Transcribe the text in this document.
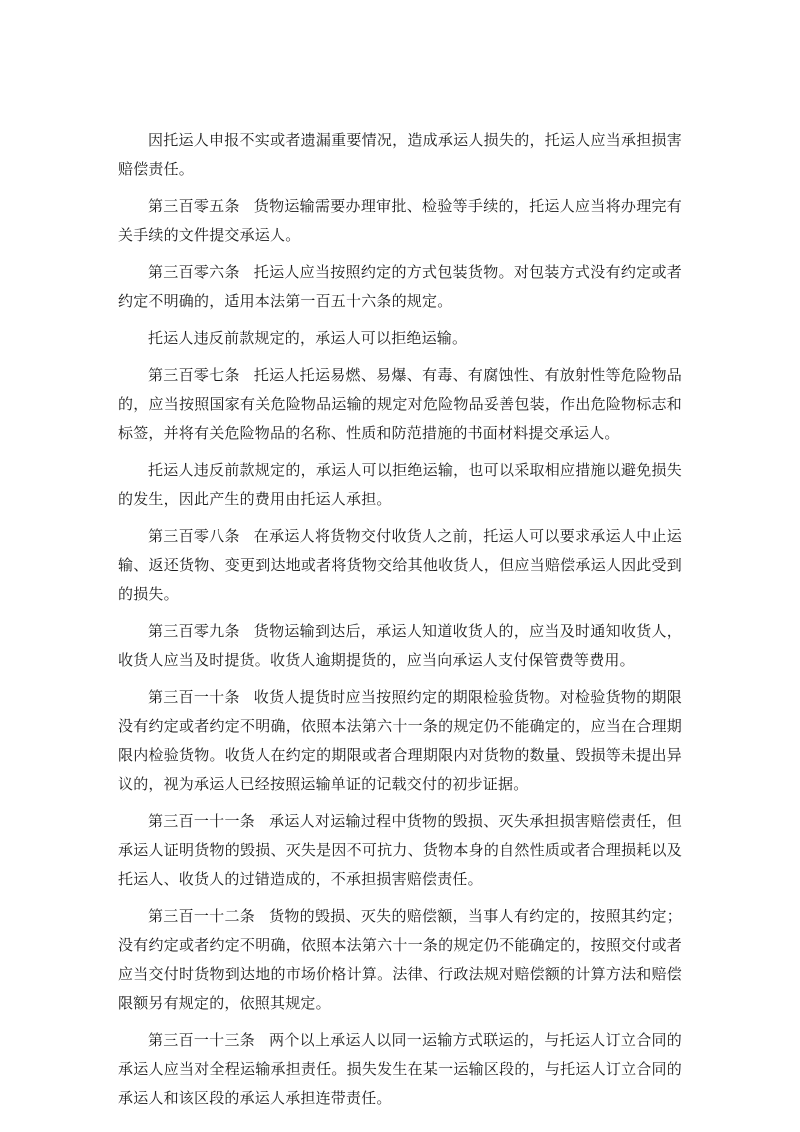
因托运人申报不实或者遗漏重要情况，造成承运人损失的，托运人应当承担损害赔偿责任。

第三百零五条 货物运输需要办理审批、检验等手续的，托运人应当将办理完有关手续的文件提交承运人。

第三百零六条 托运人应当按照约定的方式包装货物。对包装方式没有约定或者约定不明确的，适用本法第一百五十六条的规定。

托运人违反前款规定的，承运人可以拒绝运输。

第三百零七条 托运人托运易燃、易爆、有毒、有腐蚀性、有放射性等危险物品的，应当按照国家有关危险物品运输的规定对危险物品妥善包装，作出危险物标志和标签，并将有关危险物品的名称、性质和防范措施的书面材料提交承运人。

托运人违反前款规定的，承运人可以拒绝运输，也可以采取相应措施以避免损失的发生，因此产生的费用由托运人承担。

第三百零八条 在承运人将货物交付收货人之前，托运人可以要求承运人中止运输、返还货物、变更到达地或者将货物交给其他收货人，但应当赔偿承运人因此受到的损失。

第三百零九条 货物运输到达后，承运人知道收货人的，应当及时通知收货人，收货人应当及时提货。收货人逾期提货的，应当向承运人支付保管费等费用。

第三百一十条 收货人提货时应当按照约定的期限检验货物。对检验货物的期限没有约定或者约定不明确，依照本法第六十一条的规定仍不能确定的，应当在合理期限内检验货物。收货人在约定的期限或者合理期限内对货物的数量、毁损等未提出异议的，视为承运人已经按照运输单证的记载交付的初步证据。

第三百一十一条 承运人对运输过程中货物的毁损、灭失承担损害赔偿责任，但承运人证明货物的毁损、灭失是因不可抗力、货物本身的自然性质或者合理损耗以及托运人、收货人的过错造成的，不承担损害赔偿责任。

第三百一十二条 货物的毁损、灭失的赔偿额，当事人有约定的，按照其约定；没有约定或者约定不明确，依照本法第六十一条的规定仍不能确定的，按照交付或者应当交付时货物到达地的市场价格计算。法律、行政法规对赔偿额的计算方法和赔偿限额另有规定的，依照其规定。

第三百一十三条 两个以上承运人以同一运输方式联运的，与托运人订立合同的承运人应当对全程运输承担责任。损失发生在某一运输区段的，与托运人订立合同的承运人和该区段的承运人承担连带责任。
